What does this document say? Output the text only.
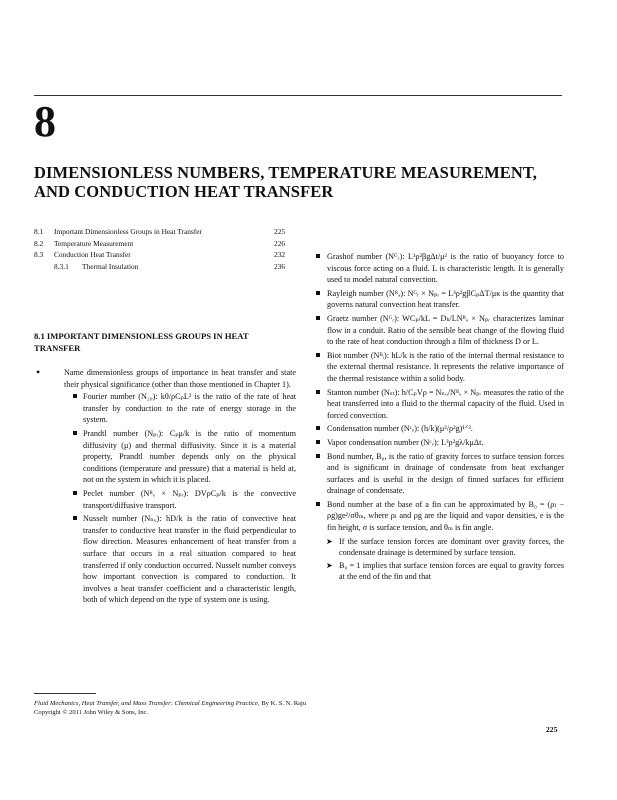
8
DIMENSIONLESS NUMBERS, TEMPERATURE MEASUREMENT, AND CONDUCTION HEAT TRANSFER
8.1	Important Dimensionless Groups in Heat Transfer	225
8.2	Temperature Measurement	226
8.3	Conduction Heat Transfer	232
8.3.1	Thermal Insulation	236
8.1 IMPORTANT DIMENSIONLESS GROUPS IN HEAT TRANSFER
•	Name dimensionless groups of importance in heat transfer and state their physical significance (other than those mentioned in Chapter 1).
Fourier number (N₂₀): kθ/ρCₚL² is the ratio of the rate of heat transfer by conduction to the rate of energy storage in the system.
Prandtl number (Nₚᵣ): Cₚμ/k is the ratio of momentum diffusivity (μ) and thermal diffusivity. Since it is a material property, Prandtl number depends only on the physical conditions (temperature and pressure) that a material is held at, not on the system in which it is placed.
Peclet number (Nᴿₑ × Nₚᵣ): DVρCₚ/k is the convective transport/diffusive transport.
Nusselt number (Nₙᵤ): hD/k is the ratio of convective heat transfer to conductive heat transfer in the fluid perpendicular to flow direction. Measures enhancement of heat transfer from a surface that occurs in a real situation compared to heat transferred if only conduction occurred. Nusselt number conveys how important convection is compared to conduction. It involves a heat transfer coefficient and a characteristic length, both of which depend on the type of system one is using.
Grashof number (Nᴳᵣ): L³ρ²βgΔt/μ² is the ratio of buoyancy force to viscous force acting on a fluid. L is characteristic length. It is generally used to model natural convection.
Rayleigh number (Nᴿₐ): Nᴳᵣ × Nₚᵣ = L³ρ²gβCₚΔT/μκ is the quantity that governs natural convection heat transfer.
Graetz number (Nᴳᵣ): WCₚ/kL = Dₖ/LNᴿₑ × Nₚᵣ characterizes laminar flow in a conduit. Ratio of the sensible heat change of the flowing fluid to the rate of heat conduction through a film of thickness D or L.
Biot number (Nᴮᵢ): hL/k is the ratio of the internal thermal resistance to the external thermal resistance. It represents the relative importance of the thermal resistance within a solid body.
Stanton number (Nₛₜ): h/CₚVρ = Nₙᵤ/Nᴿₑ × Nₚᵣ measures the ratio of the heat transferred into a fluid to the thermal capacity of the fluid. Used in forced convection.
Condensation number (Nᶜₒ): (h/k)(μ²/ρ²g)¹ᐟ³.
Vapor condensation number (Nᶜᵥ): L³ρ²gλ/kμΔt.
Bond number, B₀, is the ratio of gravity forces to surface tension forces and is significant in drainage of condensate from heat exchanger surfaces and is useful in the design of finned surfaces for efficient drainage of condensate.
Bond number at the base of a fin can be approximated by B₀ = (ρₗ − ρg)ge²/σθₘ, where ρₗ and ρg are the liquid and vapor densities, e is the fin height, σ is surface tension, and θₘ is fin angle.
➤ If the surface tension forces are dominant over gravity forces, the condensate drainage is determined by surface tension.
➤ B₀ = 1 implies that surface tension forces are equal to gravity forces at the end of the fin and that
Fluid Mechanics, Heat Transfer, and Mass Transfer: Chemical Engineering Practice, By K. S. N. Raju
Copyright © 2011 John Wiley & Sons, Inc.
225
